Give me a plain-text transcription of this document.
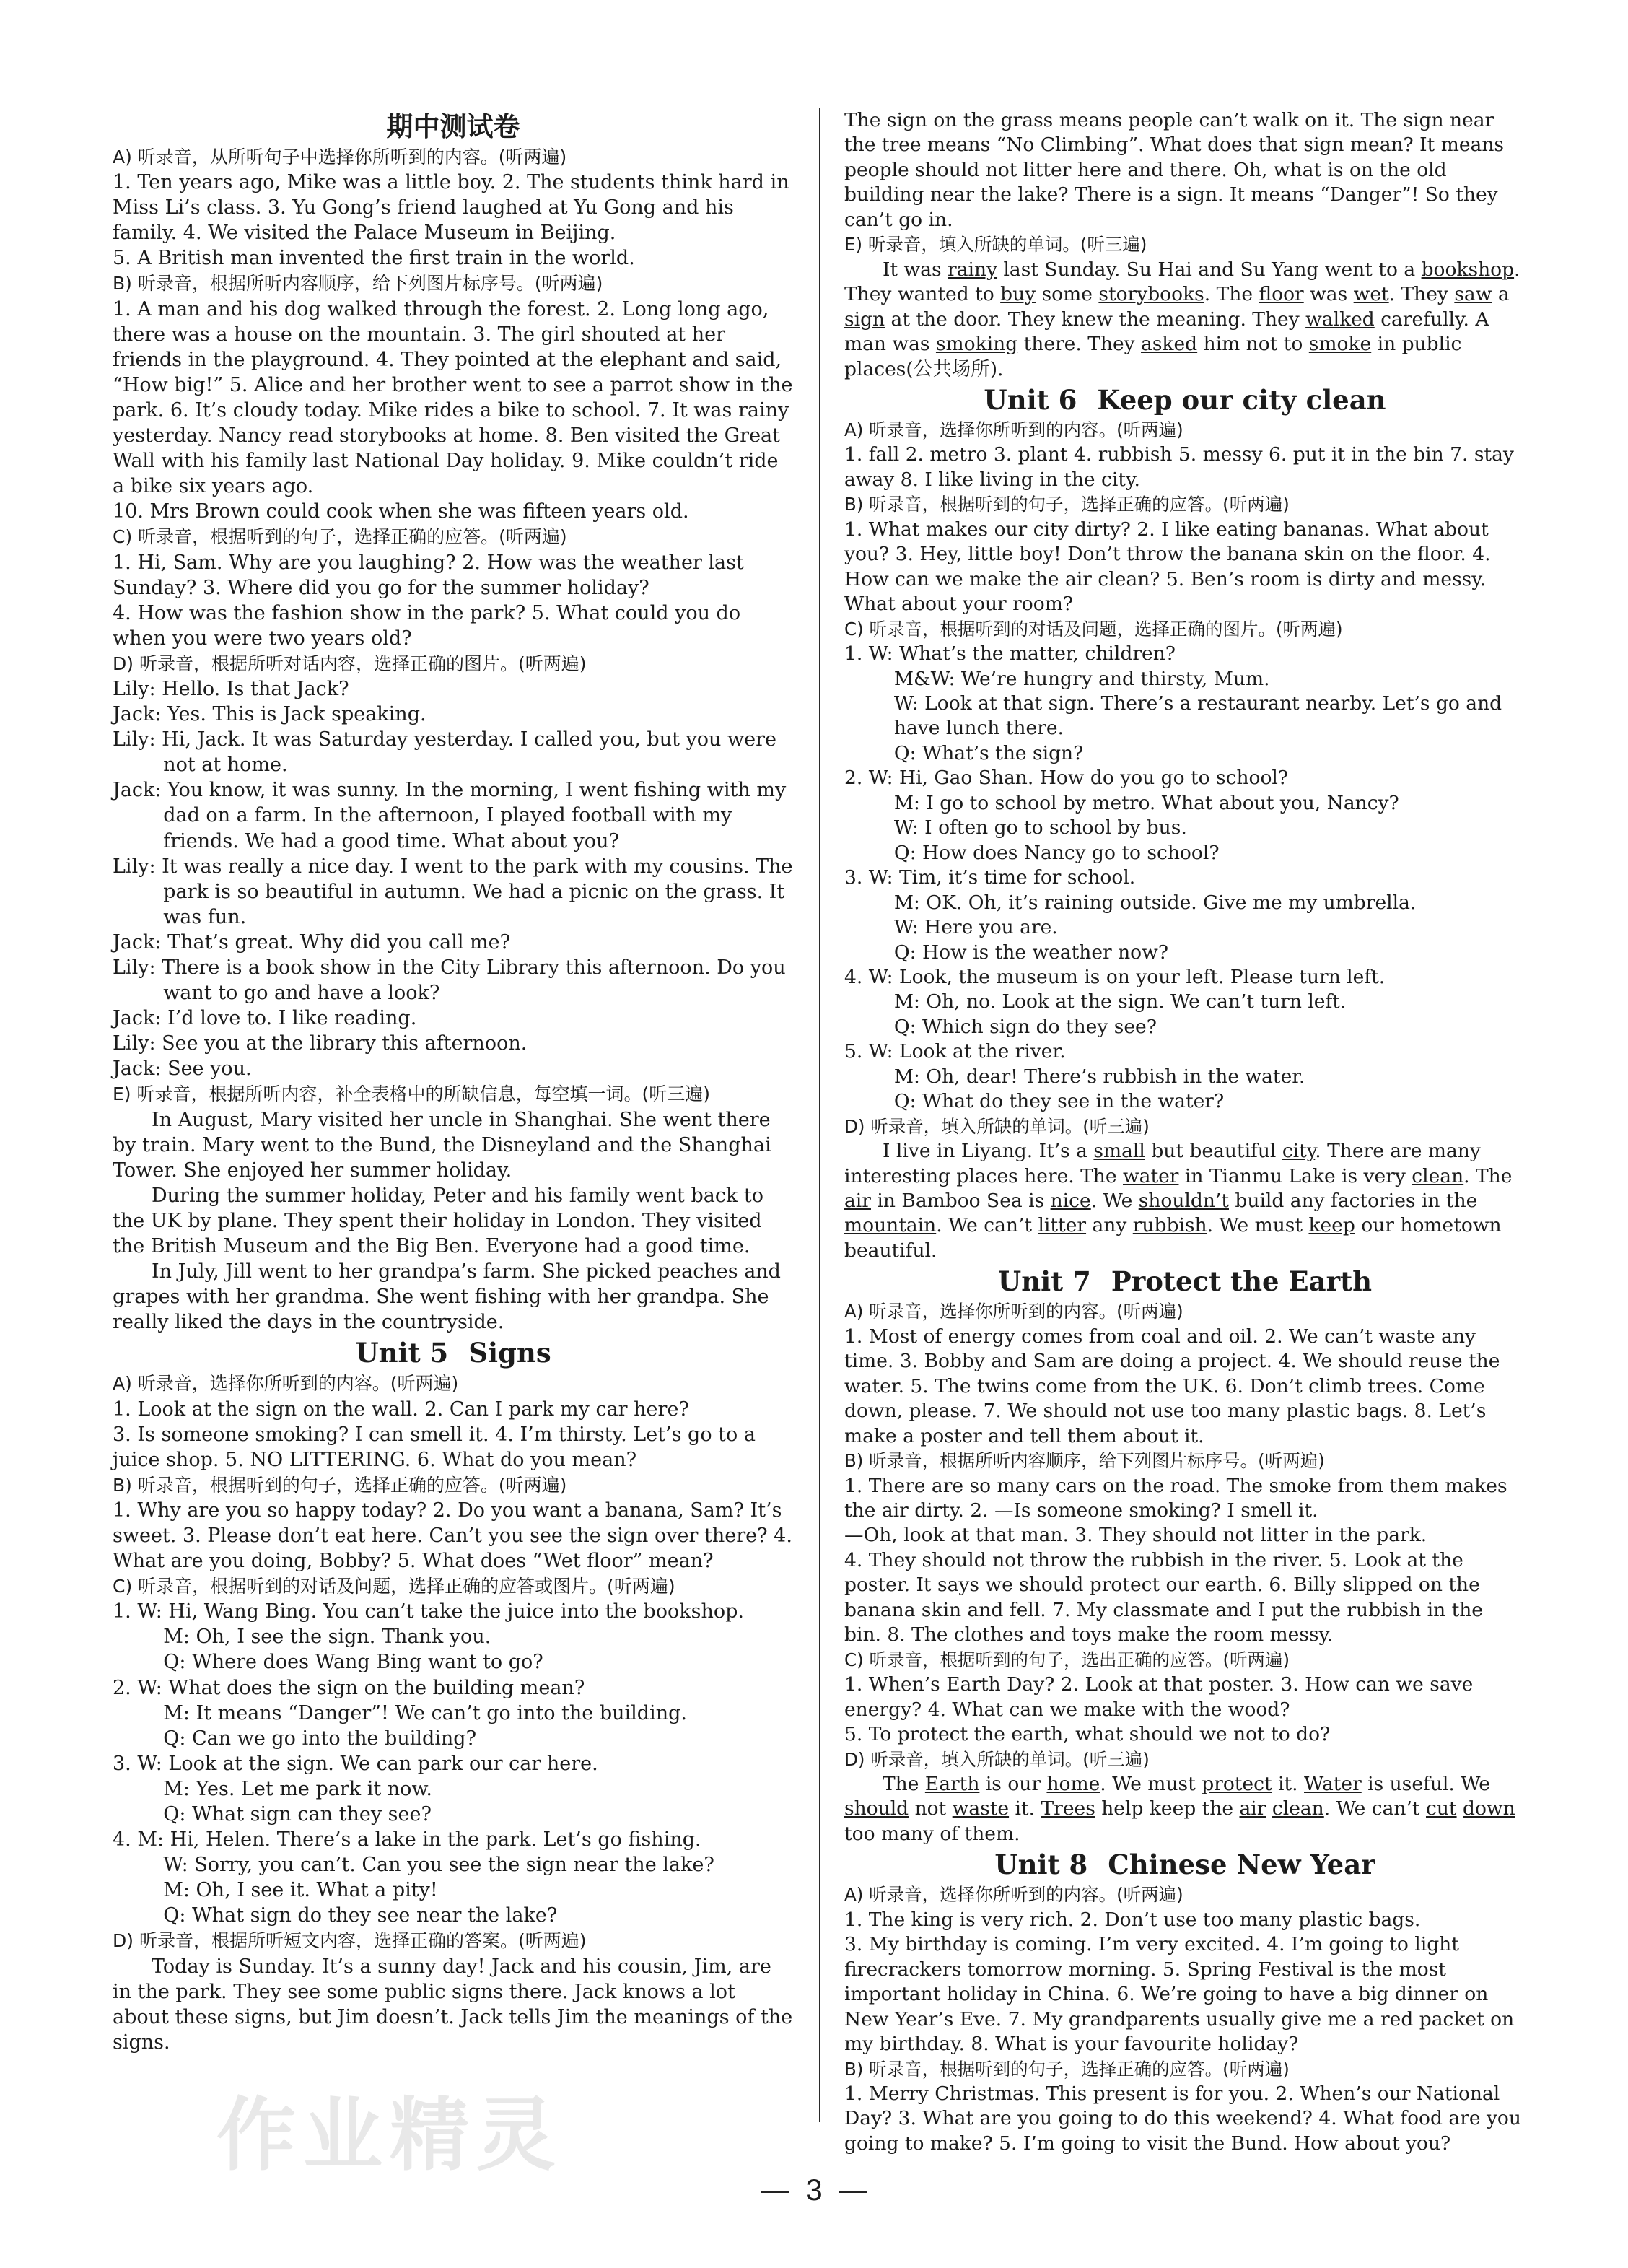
期中测试卷
A) 听录音，从所听句子中选择你所听到的内容。(听两遍)
1. Ten years ago, Mike was a little boy. 2. The students think hard in Miss Li’s class. 3. Yu Gong’s friend laughed at Yu Gong and his family. 4. We visited the Palace Museum in Beijing.
5. A British man invented the first train in the world.
B) 听录音，根据所听内容顺序，给下列图片标序号。(听两遍)
1. A man and his dog walked through the forest. 2. Long long ago, there was a house on the mountain. 3. The girl shouted at her friends in the playground. 4. They pointed at the elephant and said, “How big!” 5. Alice and her brother went to see a parrot show in the park. 6. It’s cloudy today. Mike rides a bike to school. 7. It was rainy yesterday. Nancy read storybooks at home. 8. Ben visited the Great Wall with his family last National Day holiday. 9. Mike couldn’t ride a bike six years ago.
10. Mrs Brown could cook when she was fifteen years old.
C) 听录音，根据听到的句子，选择正确的应答。(听两遍)
1. Hi, Sam. Why are you laughing? 2. How was the weather last Sunday? 3. Where did you go for the summer holiday?
4. How was the fashion show in the park? 5. What could you do when you were two years old?
D) 听录音，根据所听对话内容，选择正确的图片。(听两遍)
Lily: Hello. Is that Jack?
Jack: Yes. This is Jack speaking.
Lily: Hi, Jack. It was Saturday yesterday. I called you, but you were not at home.
Jack: You know, it was sunny. In the morning, I went fishing with my dad on a farm. In the afternoon, I played football with my friends. We had a good time. What about you?
Lily: It was really a nice day. I went to the park with my cousins. The park is so beautiful in autumn. We had a picnic on the grass. It was fun.
Jack: That’s great. Why did you call me?
Lily: There is a book show in the City Library this afternoon. Do you want to go and have a look?
Jack: I’d love to. I like reading.
Lily: See you at the library this afternoon.
Jack: See you.
E) 听录音，根据所听内容，补全表格中的所缺信息，每空填一词。(听三遍)
In August, Mary visited her uncle in Shanghai. She went there by train. Mary went to the Bund, the Disneyland and the Shanghai Tower. She enjoyed her summer holiday.
During the summer holiday, Peter and his family went back to the UK by plane. They spent their holiday in London. They visited the British Museum and the Big Ben. Everyone had a good time.
In July, Jill went to her grandpa’s farm. She picked peaches and grapes with her grandma. She went fishing with her grandpa. She really liked the days in the countryside.
Unit 5 Signs
A) 听录音，选择你所听到的内容。(听两遍)
1. Look at the sign on the wall. 2. Can I park my car here?
3. Is someone smoking? I can smell it. 4. I’m thirsty. Let’s go to a juice shop. 5. NO LITTERING. 6. What do you mean?
B) 听录音，根据听到的句子，选择正确的应答。(听两遍)
1. Why are you so happy today? 2. Do you want a banana, Sam? It’s sweet. 3. Please don’t eat here. Can’t you see the sign over there? 4. What are you doing, Bobby? 5. What does “Wet floor” mean?
C) 听录音，根据听到的对话及问题，选择正确的应答或图片。(听两遍)
1. W: Hi, Wang Bing. You can’t take the juice into the bookshop.
M: Oh, I see the sign. Thank you.
Q: Where does Wang Bing want to go?
2. W: What does the sign on the building mean?
M: It means “Danger”! We can’t go into the building.
Q: Can we go into the building?
3. W: Look at the sign. We can park our car here.
M: Yes. Let me park it now.
Q: What sign can they see?
4. M: Hi, Helen. There’s a lake in the park. Let’s go fishing.
W: Sorry, you can’t. Can you see the sign near the lake?
M: Oh, I see it. What a pity!
Q: What sign do they see near the lake?
D) 听录音，根据所听短文内容，选择正确的答案。(听两遍)
Today is Sunday. It’s a sunny day! Jack and his cousin, Jim, are in the park. They see some public signs there. Jack knows a lot about these signs, but Jim doesn’t. Jack tells Jim the meanings of the signs.
The sign on the grass means people can’t walk on it. The sign near the tree means “No Climbing”. What does that sign mean? It means people should not litter here and there. Oh, what is on the old building near the lake? There is a sign. It means “Danger”! So they can’t go in.
E) 听录音，填入所缺的单词。(听三遍)
It was rainy last Sunday. Su Hai and Su Yang went to a bookshop. They wanted to buy some storybooks. The floor was wet. They saw a sign at the door. They knew the meaning. They walked carefully. A man was smoking there. They asked him not to smoke in public places(公共场所).
Unit 6 Keep our city clean
A) 听录音，选择你所听到的内容。(听两遍)
1. fall 2. metro 3. plant 4. rubbish 5. messy 6. put it in the bin 7. stay away 8. I like living in the city.
B) 听录音，根据听到的句子，选择正确的应答。(听两遍)
1. What makes our city dirty? 2. I like eating bananas. What about you? 3. Hey, little boy! Don’t throw the banana skin on the floor. 4. How can we make the air clean? 5. Ben’s room is dirty and messy. What about your room?
C) 听录音，根据听到的对话及问题，选择正确的图片。(听两遍)
1. W: What’s the matter, children?
M&W: We’re hungry and thirsty, Mum.
W: Look at that sign. There’s a restaurant nearby. Let’s go and have lunch there.
Q: What’s the sign?
2. W: Hi, Gao Shan. How do you go to school?
M: I go to school by metro. What about you, Nancy?
W: I often go to school by bus.
Q: How does Nancy go to school?
3. W: Tim, it’s time for school.
M: OK. Oh, it’s raining outside. Give me my umbrella.
W: Here you are.
Q: How is the weather now?
4. W: Look, the museum is on your left. Please turn left.
M: Oh, no. Look at the sign. We can’t turn left.
Q: Which sign do they see?
5. W: Look at the river.
M: Oh, dear! There’s rubbish in the water.
Q: What do they see in the water?
D) 听录音，填入所缺的单词。(听三遍)
I live in Liyang. It’s a small but beautiful city. There are many interesting places here. The water in Tianmu Lake is very clean. The air in Bamboo Sea is nice. We shouldn’t build any factories in the mountain. We can’t litter any rubbish. We must keep our hometown beautiful.
Unit 7 Protect the Earth
A) 听录音，选择你所听到的内容。(听两遍)
1. Most of energy comes from coal and oil. 2. We can’t waste any time. 3. Bobby and Sam are doing a project. 4. We should reuse the water. 5. The twins come from the UK. 6. Don’t climb trees. Come down, please. 7. We should not use too many plastic bags. 8. Let’s make a poster and tell them about it.
B) 听录音，根据所听内容顺序，给下列图片标序号。(听两遍)
1. There are so many cars on the road. The smoke from them makes the air dirty. 2. —Is someone smoking? I smell it.
—Oh, look at that man. 3. They should not litter in the park.
4. They should not throw the rubbish in the river. 5. Look at the poster. It says we should protect our earth. 6. Billy slipped on the banana skin and fell. 7. My classmate and I put the rubbish in the bin. 8. The clothes and toys make the room messy.
C) 听录音，根据听到的句子，选出正确的应答。(听两遍)
1. When’s Earth Day? 2. Look at that poster. 3. How can we save energy? 4. What can we make with the wood?
5. To protect the earth, what should we not to do?
D) 听录音，填入所缺的单词。(听三遍)
The Earth is our home. We must protect it. Water is useful. We should not waste it. Trees help keep the air clean. We can’t cut down too many of them.
Unit 8 Chinese New Year
A) 听录音，选择你所听到的内容。(听两遍)
1. The king is very rich. 2. Don’t use too many plastic bags.
3. My birthday is coming. I’m very excited. 4. I’m going to light firecrackers tomorrow morning. 5. Spring Festival is the most important holiday in China. 6. We’re going to have a big dinner on New Year’s Eve. 7. My grandparents usually give me a red packet on my birthday. 8. What is your favourite holiday?
B) 听录音，根据听到的句子，选择正确的应答。(听两遍)
1. Merry Christmas. This present is for you. 2. When’s our National Day? 3. What are you going to do this weekend? 4. What food are you going to make? 5. I’m going to visit the Bund. How about you?
作业精灵
3
